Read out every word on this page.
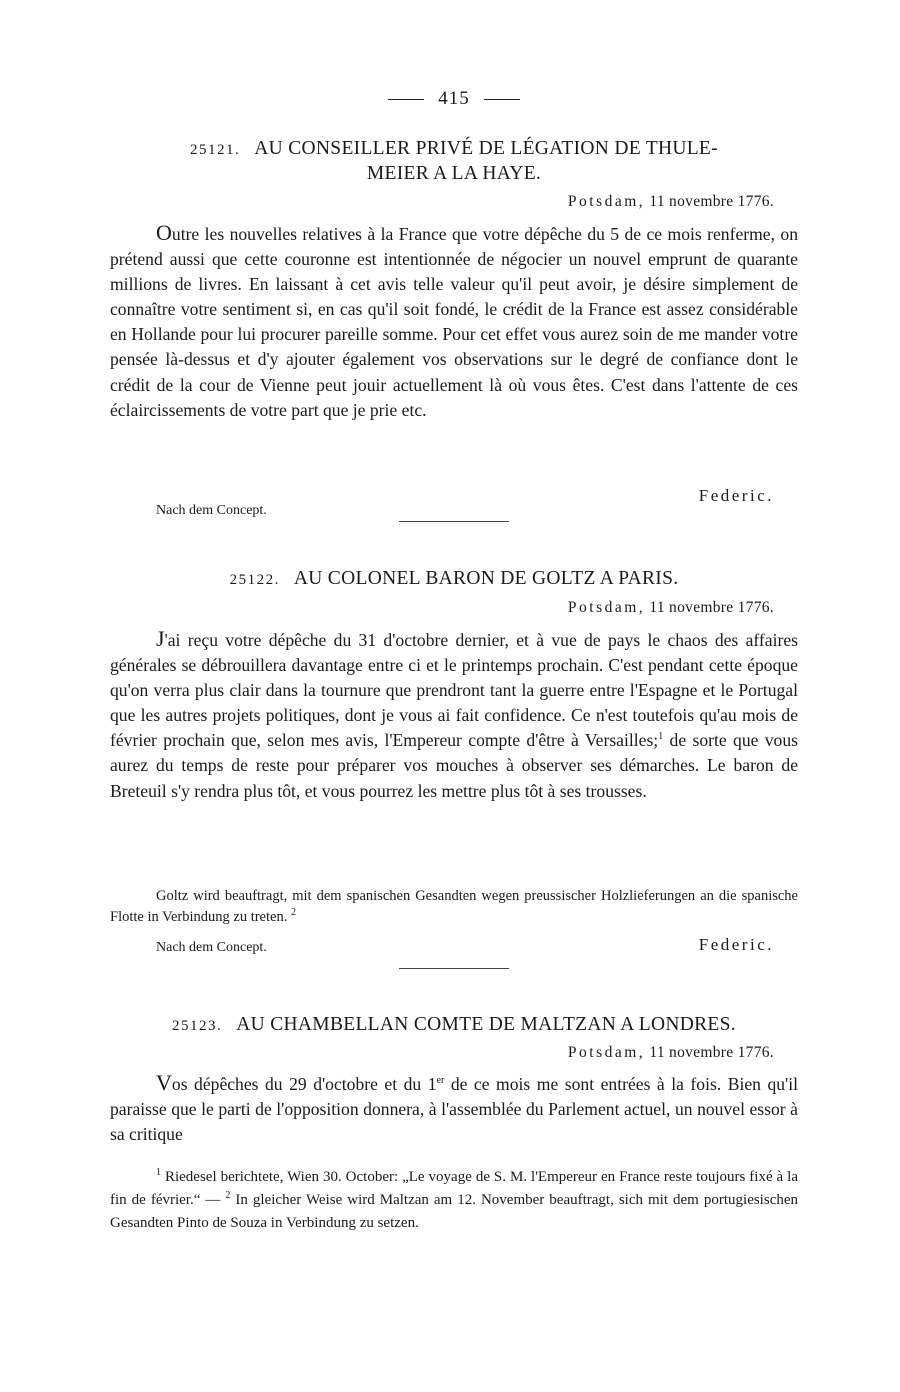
415
25121. AU CONSEILLER PRIVÉ DE LÉGATION DE THULE-
MEIER A LA HAYE.
Potsdam, 11 novembre 1776.

Outre les nouvelles relatives à la France que votre dépêche du 5 de ce mois renferme, on prétend aussi que cette couronne est intentionnée de négocier un nouvel emprunt de quarante millions de livres. En laissant à cet avis telle valeur qu'il peut avoir, je désire simplement de connaître votre sentiment si, en cas qu'il soit fondé, le crédit de la France est assez considérable en Hollande pour lui procurer pareille somme. Pour cet effet vous aurez soin de me mander votre pensée là-dessus et d'y ajouter également vos observations sur le degré de confiance dont le crédit de la cour de Vienne peut jouir actuellement là où vous êtes. C'est dans l'attente de ces éclaircissements de votre part que je prie etc.

Federic.
Nach dem Concept.
25122. AU COLONEL BARON DE GOLTZ A PARIS.
Potsdam, 11 novembre 1776.

J'ai reçu votre dépêche du 31 d'octobre dernier, et à vue de pays le chaos des affaires générales se débrouillera davantage entre ci et le printemps prochain. C'est pendant cette époque qu'on verra plus clair dans la tournure que prendront tant la guerre entre l'Espagne et le Portugal que les autres projets politiques, dont je vous ai fait confidence. Ce n'est toutefois qu'au mois de février prochain que, selon mes avis, l'Empereur compte d'être à Versailles;$^1$ de sorte que vous aurez du temps de reste pour préparer vos mouches à observer ses démarches. Le baron de Breteuil s'y rendra plus tôt, et vous pourrez les mettre plus tôt à ses trousses.

Goltz wird beauftragt, mit dem spanischen Gesandten wegen preussischer Holzlieferungen an die spanische Flotte in Verbindung zu treten. $^2$

Nach dem Concept.	Federic.
25123. AU CHAMBELLAN COMTE DE MALTZAN A LONDRES.
Potsdam, 11 novembre 1776.

Vos dépêches du 29 d'octobre et du 1er de ce mois me sont entrées à la fois. Bien qu'il paraisse que le parti de l'opposition donnera, à l'assemblée du Parlement actuel, un nouvel essor à sa critique

$^1$ Riedesel berichtete, Wien 30. October: „Le voyage de S. M. l'Empereur en France reste toujours fixé à la fin de février.“ — $^2$ In gleicher Weise wird Maltzan am 12. November beauftragt, sich mit dem portugiesischen Gesandten Pinto de Souza in Verbindung zu setzen.
